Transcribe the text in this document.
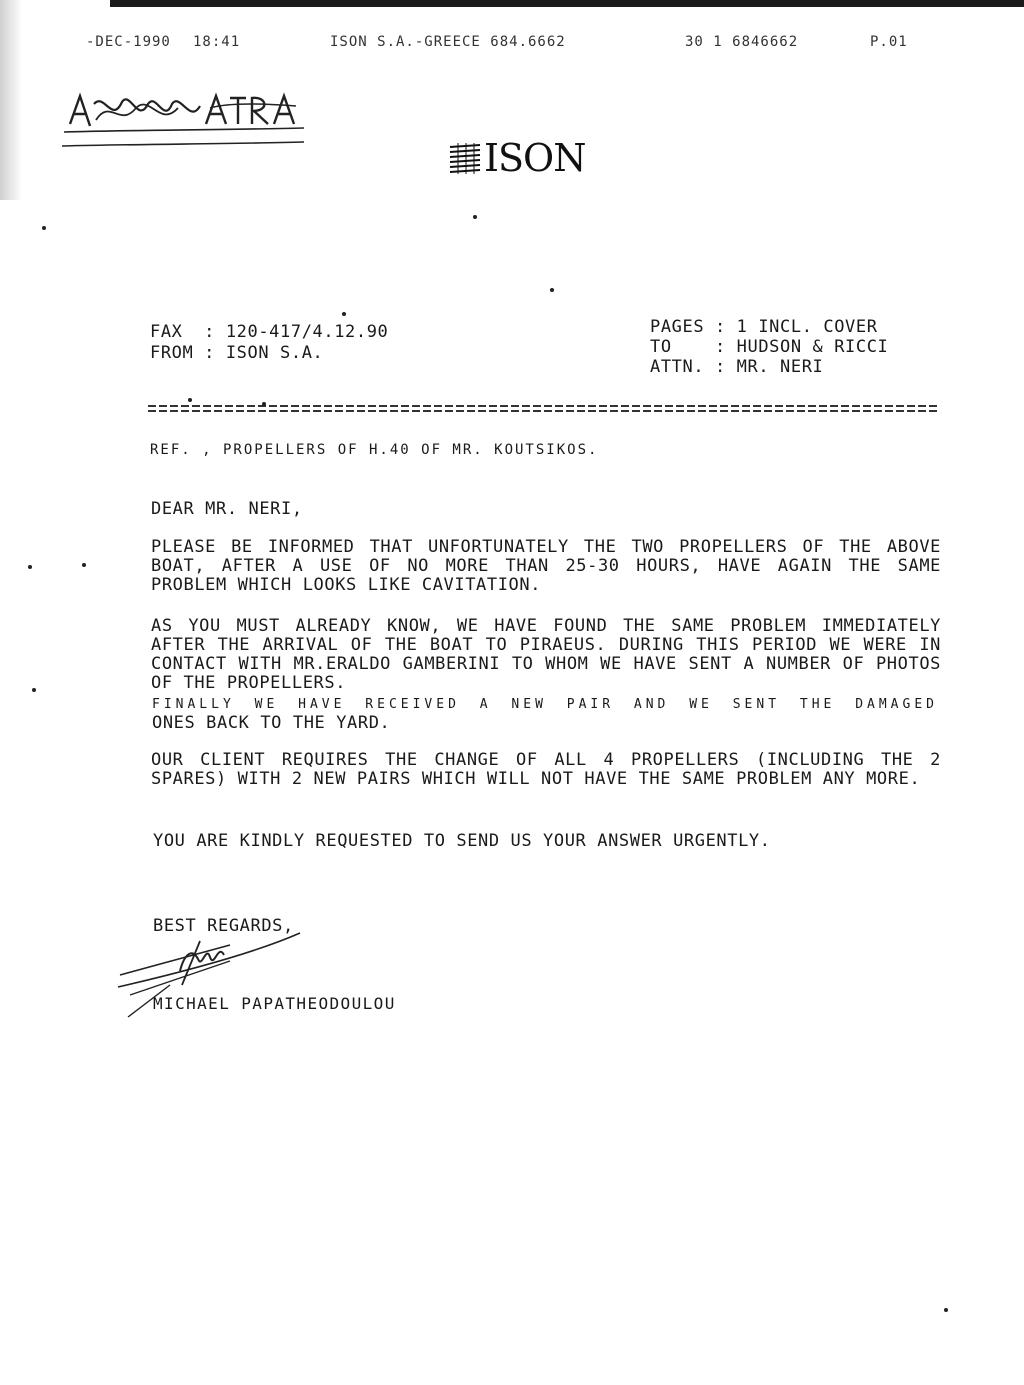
-DEC-1990 18:41	ISON S.A.-GREECE 684.6662	30 1 6846662	P.01
ISON
FAX  : 120-417/4.12.90
FROM : ISON S.A.
PAGES : 1 INCL. COVER
TO    : HUDSON & RICCI
ATTN. : MR. NERI
REF. , PROPELLERS OF H.40 OF MR. KOUTSIKOS.
DEAR MR. NERI,
PLEASE BE INFORMED THAT UNFORTUNATELY THE TWO PROPELLERS OF THE ABOVE BOAT, AFTER A USE OF NO MORE THAN 25-30 HOURS, HAVE AGAIN THE SAME PROBLEM WHICH LOOKS LIKE CAVITATION.
AS YOU MUST ALREADY KNOW, WE HAVE FOUND THE SAME PROBLEM IMMEDIATELY AFTER THE ARRIVAL OF THE BOAT TO PIRAEUS. DURING THIS PERIOD WE WERE IN CONTACT WITH MR.ERALDO GAMBERINI TO WHOM WE HAVE SENT A NUMBER OF PHOTOS OF THE PROPELLERS.
FINALLY WE HAVE RECEIVED A NEW PAIR AND WE SENT THE DAMAGED
ONES BACK TO THE YARD.
OUR CLIENT REQUIRES THE CHANGE OF ALL 4 PROPELLERS (INCLUDING THE 2 SPARES) WITH 2 NEW PAIRS WHICH WILL NOT HAVE THE SAME PROBLEM ANY MORE.
YOU ARE KINDLY REQUESTED TO SEND US YOUR ANSWER URGENTLY.
BEST REGARDS,
MICHAEL PAPATHEODOULOU
